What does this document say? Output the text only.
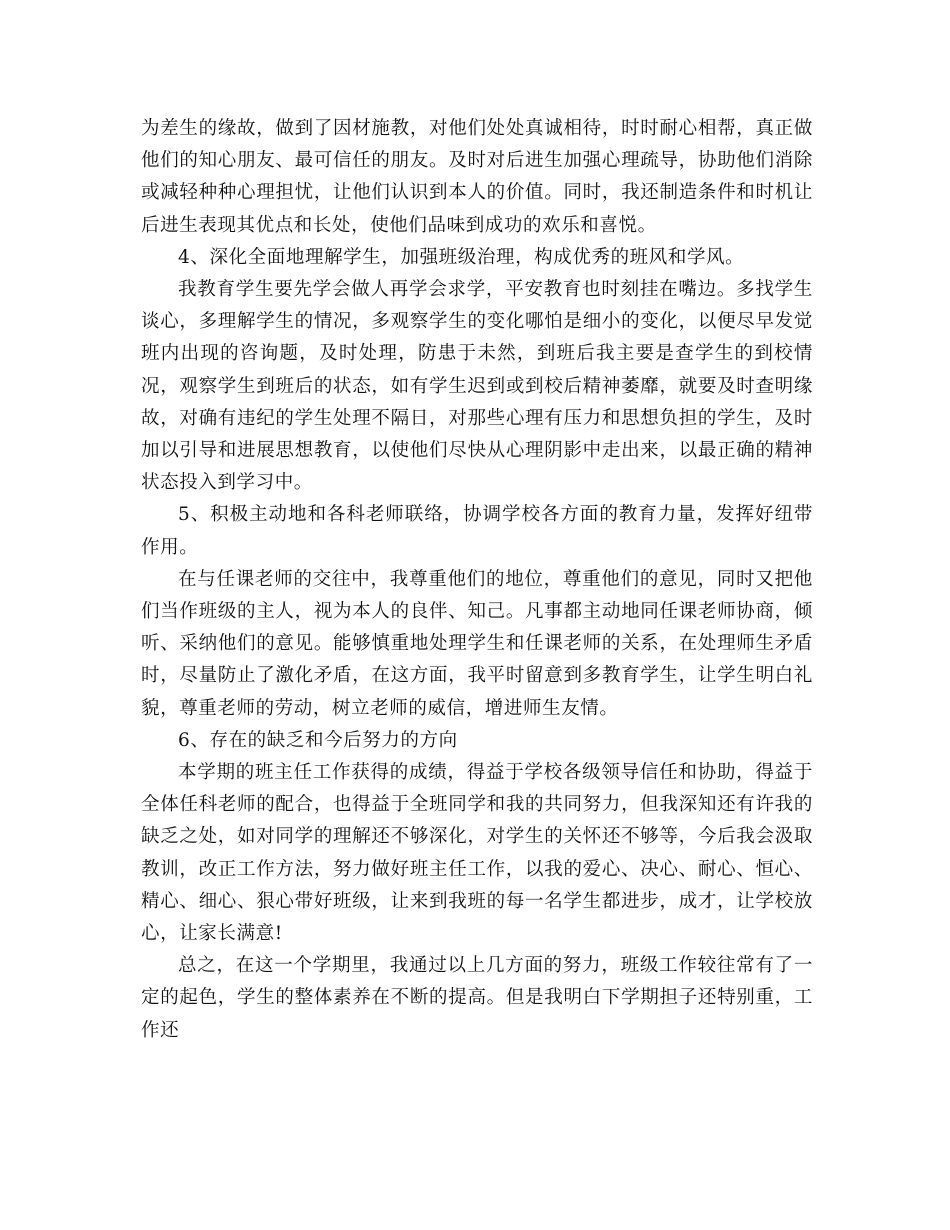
为差生的缘故，做到了因材施教，对他们处处真诚相待，时时耐心相帮，真正做他们的知心朋友、最可信任的朋友。及时对后进生加强心理疏导，协助他们消除或减轻种种心理担忧，让他们认识到本人的价值。同时，我还制造条件和时机让后进生表现其优点和长处，使他们品味到成功的欢乐和喜悦。

4、深化全面地理解学生，加强班级治理，构成优秀的班风和学风。

我教育学生要先学会做人再学会求学，平安教育也时刻挂在嘴边。多找学生谈心，多理解学生的情况，多观察学生的变化哪怕是细小的变化，以便尽早发觉班内出现的咨询题，及时处理，防患于未然，到班后我主要是查学生的到校情况，观察学生到班后的状态，如有学生迟到或到校后精神萎靡，就要及时查明缘故，对确有违纪的学生处理不隔日，对那些心理有压力和思想负担的学生，及时加以引导和进展思想教育，以使他们尽快从心理阴影中走出来，以最正确的精神状态投入到学习中。

5、积极主动地和各科老师联络，协调学校各方面的教育力量，发挥好纽带作用。

在与任课老师的交往中，我尊重他们的地位，尊重他们的意见，同时又把他们当作班级的主人，视为本人的良伴、知己。凡事都主动地同任课老师协商，倾听、采纳他们的意见。能够慎重地处理学生和任课老师的关系，在处理师生矛盾时，尽量防止了激化矛盾，在这方面，我平时留意到多教育学生，让学生明白礼貌，尊重老师的劳动，树立老师的威信，增进师生友情。

6、存在的缺乏和今后努力的方向

本学期的班主任工作获得的成绩，得益于学校各级领导信任和协助，得益于全体任科老师的配合，也得益于全班同学和我的共同努力，但我深知还有许我的缺乏之处，如对同学的理解还不够深化，对学生的关怀还不够等，今后我会汲取教训，改正工作方法，努力做好班主任工作，以我的爱心、决心、耐心、恒心、精心、细心、狠心带好班级，让来到我班的每一名学生都进步，成才，让学校放心，让家长满意!

总之，在这一个学期里，我通过以上几方面的努力，班级工作较往常有了一定的起色，学生的整体素养在不断的提高。但是我明白下学期担子还特别重，工作还
